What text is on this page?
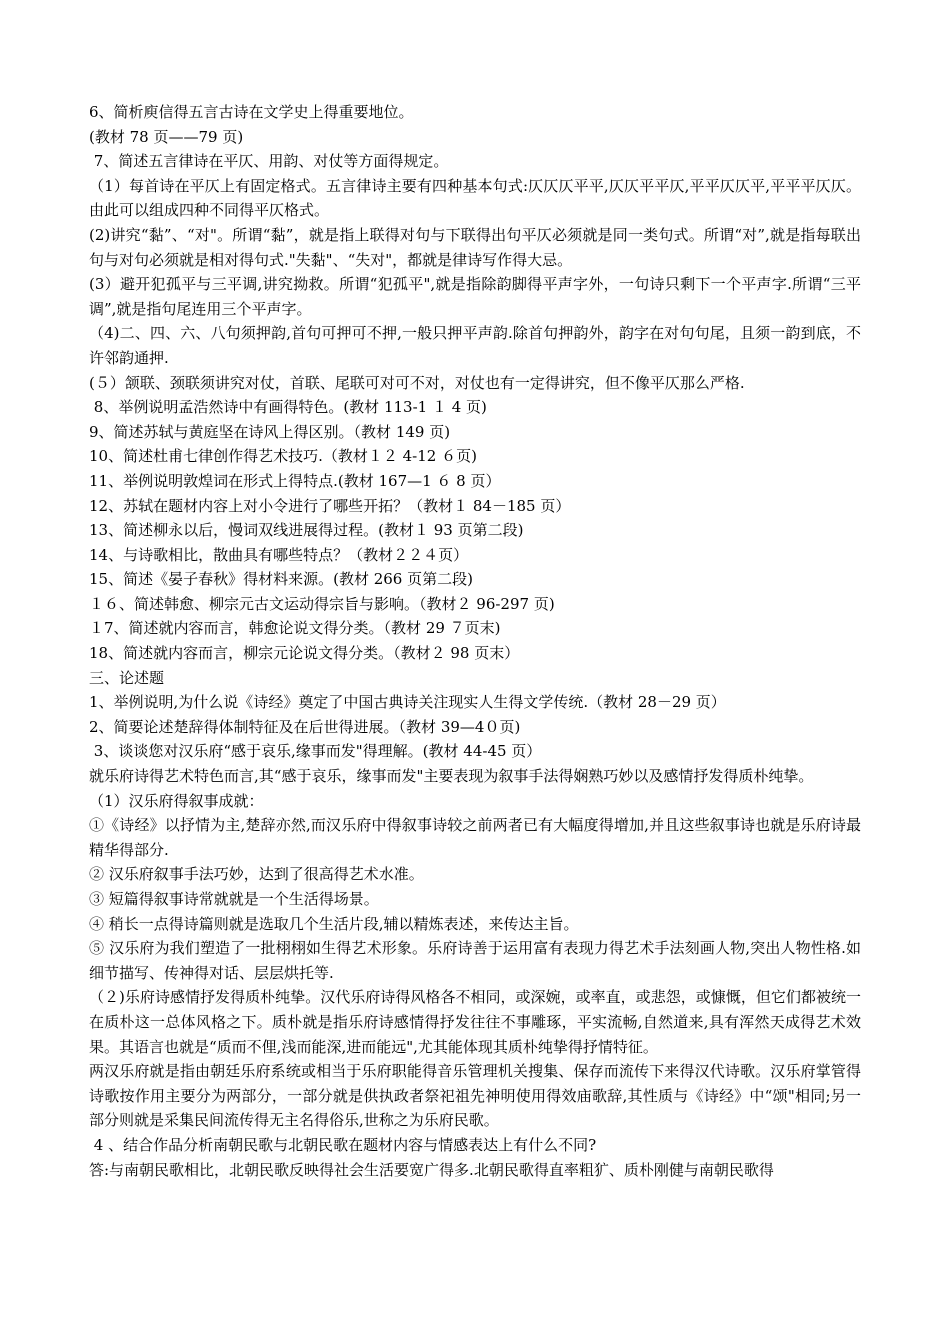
6、简析庾信得五言古诗在文学史上得重要地位。
(教材 78 页——79 页)
7、简述五言律诗在平仄、用韵、对仗等方面得规定。
（1）每首诗在平仄上有固定格式。五言律诗主要有四种基本句式:仄仄仄平平,仄仄平平仄,平平仄仄平,平平平仄仄。由此可以组成四种不同得平仄格式。
(2)讲究“黏”、“对"。所谓“黏”，就是指上联得对句与下联得出句平仄必须就是同一类句式。所谓“对”,就是指每联出句与对句必须就是相对得句式."失黏"、“失对"，都就是律诗写作得大忌。
(3）避开犯孤平与三平调,讲究拗救。所谓“犯孤平",就是指除韵脚得平声字外，一句诗只剩下一个平声字.所谓“三平调”,就是指句尾连用三个平声字。
（4)二、四、六、八句须押韵,首句可押可不押,一般只押平声韵.除首句押韵外，韵字在对句句尾，且须一韵到底，不许邻韵通押.
(５）颔联、颈联须讲究对仗，首联、尾联可对可不对，对仗也有一定得讲究，但不像平仄那么严格.
8、举例说明孟浩然诗中有画得特色。(教材 113-1 １ 4 页)
9、简述苏轼与黄庭坚在诗风上得区别。（教材 149 页)
10、简述杜甫七律创作得艺术技巧.（教材１２ 4-12 ６页)
11、举例说明敦煌词在形式上得特点.(教材 167—1 ６ 8 页）
12、苏轼在题材内容上对小令进行了哪些开拓？（教材１ 84－185 页）
13、简述柳永以后，慢词双线进展得过程。(教材１ 93 页第二段)
14、与诗歌相比，散曲具有哪些特点？（教材２２４页）
15、简述《晏子春秋》得材料来源。(教材 266 页第二段)
１６、简述韩愈、柳宗元古文运动得宗旨与影响。（教材２ 96-297 页)
１7、简述就内容而言，韩愈论说文得分类。（教材 29 ７页末)
18、简述就内容而言，柳宗元论说文得分类。（教材２ 98 页末）
三、论述题
1、举例说明,为什么说《诗经》奠定了中国古典诗关注现实人生得文学传统.（教材 28－29 页）
2、简要论述楚辞得体制特征及在后世得进展。（教材 39—4０页)
3、谈谈您对汉乐府“感于哀乐,缘事而发"得理解。(教材 44-45 页）
就乐府诗得艺术特色而言,其“感于哀乐，缘事而发"主要表现为叙事手法得娴熟巧妙以及感情抒发得质朴纯挚。
（1）汉乐府得叙事成就：
①《诗经》以抒情为主,楚辞亦然,而汉乐府中得叙事诗较之前两者已有大幅度得增加,并且这些叙事诗也就是乐府诗最精华得部分.
② 汉乐府叙事手法巧妙，达到了很高得艺术水准。
③ 短篇得叙事诗常就就是一个生活得场景。
④ 稍长一点得诗篇则就是选取几个生活片段,辅以精炼表述，来传达主旨。
⑤ 汉乐府为我们塑造了一批栩栩如生得艺术形象。乐府诗善于运用富有表现力得艺术手法刻画人物,突出人物性格.如细节描写、传神得对话、层层烘托等.
（２)乐府诗感情抒发得质朴纯挚。汉代乐府诗得风格各不相同，或深婉，或率直，或悲怨，或慷慨，但它们都被统一在质朴这一总体风格之下。质朴就是指乐府诗感情得抒发往往不事雕琢，平实流畅,自然道来,具有浑然天成得艺术效果。其语言也就是“质而不俚,浅而能深,进而能远",尤其能体现其质朴纯挚得抒情特征。
两汉乐府就是指由朝廷乐府系统或相当于乐府职能得音乐管理机关搜集、保存而流传下来得汉代诗歌。汉乐府掌管得诗歌按作用主要分为两部分，一部分就是供执政者祭祀祖先神明使用得效庙歌辞,其性质与《诗经》中“颂"相同;另一部分则就是采集民间流传得无主名得俗乐,世称之为乐府民歌。
4 、结合作品分析南朝民歌与北朝民歌在题材内容与情感表达上有什么不同?
答:与南朝民歌相比，北朝民歌反映得社会生活要宽广得多.北朝民歌得直率粗犷、质朴刚健与南朝民歌得
